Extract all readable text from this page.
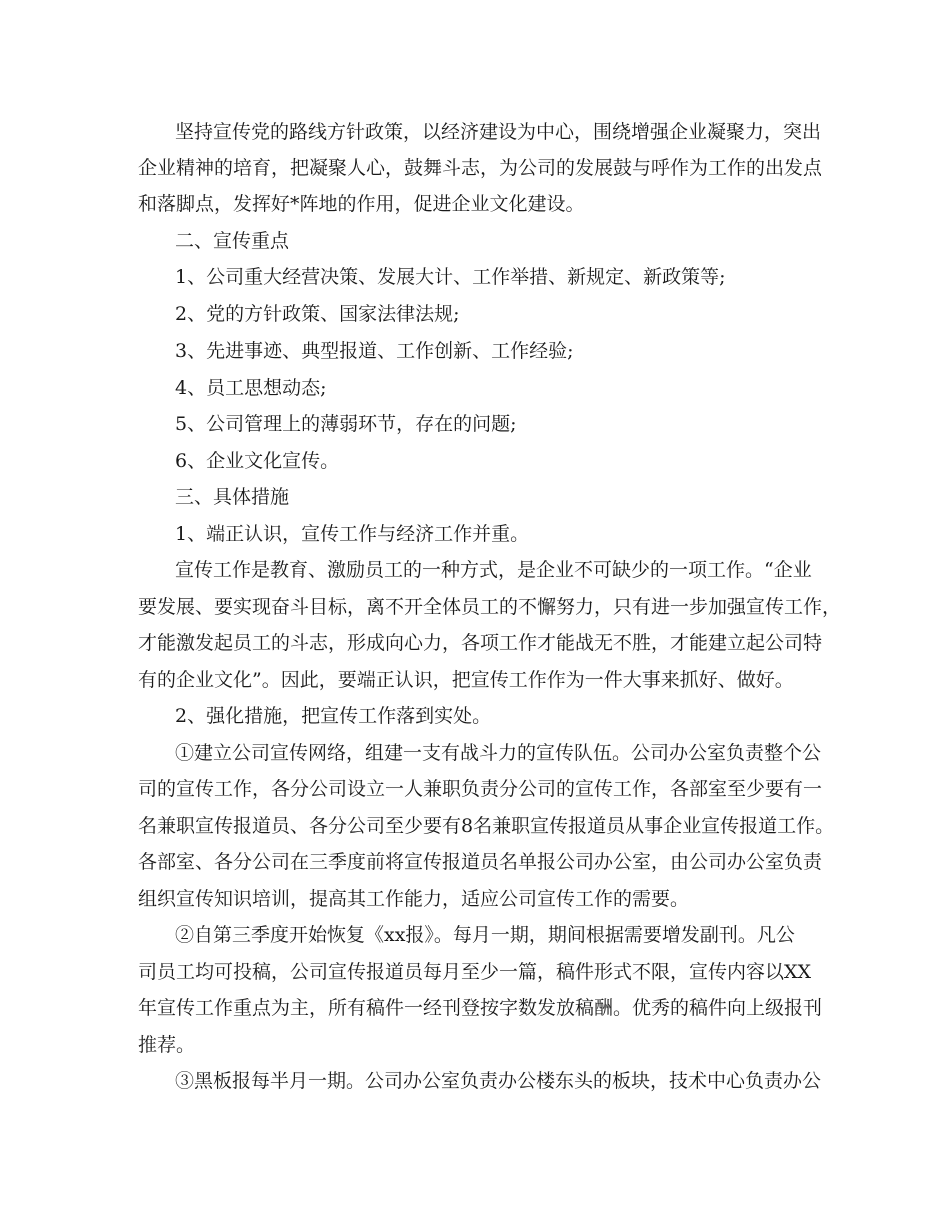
坚持宣传党的路线方针政策，以经济建设为中心，围绕增强企业凝聚力，突出
企业精神的培育，把凝聚人心，鼓舞斗志，为公司的发展鼓与呼作为工作的出发点
和落脚点，发挥好*阵地的作用，促进企业文化建设。
二、宣传重点
1、公司重大经营决策、发展大计、工作举措、新规定、新政策等;
2、党的方针政策、国家法律法规;
3、先进事迹、典型报道、工作创新、工作经验;
4、员工思想动态;
5、公司管理上的薄弱环节，存在的问题;
6、企业文化宣传。
三、具体措施
1、端正认识，宣传工作与经济工作并重。
宣传工作是教育、激励员工的一种方式，是企业不可缺少的一项工作。“企业
要发展、要实现奋斗目标，离不开全体员工的不懈努力，只有进一步加强宣传工作，
才能激发起员工的斗志，形成向心力，各项工作才能战无不胜，才能建立起公司特
有的企业文化”。因此，要端正认识，把宣传工作作为一件大事来抓好、做好。
2、强化措施，把宣传工作落到实处。
①建立公司宣传网络，组建一支有战斗力的宣传队伍。公司办公室负责整个公
司的宣传工作，各分公司设立一人兼职负责分公司的宣传工作，各部室至少要有一
名兼职宣传报道员、各分公司至少要有8名兼职宣传报道员从事企业宣传报道工作。
各部室、各分公司在三季度前将宣传报道员名单报公司办公室，由公司办公室负责
组织宣传知识培训，提高其工作能力，适应公司宣传工作的需要。
②自第三季度开始恢复《xx报》。每月一期，期间根据需要增发副刊。凡公
司员工均可投稿，公司宣传报道员每月至少一篇，稿件形式不限，宣传内容以XX
年宣传工作重点为主，所有稿件一经刊登按字数发放稿酬。优秀的稿件向上级报刊
推荐。
③黑板报每半月一期。公司办公室负责办公楼东头的板块，技术中心负责办公
